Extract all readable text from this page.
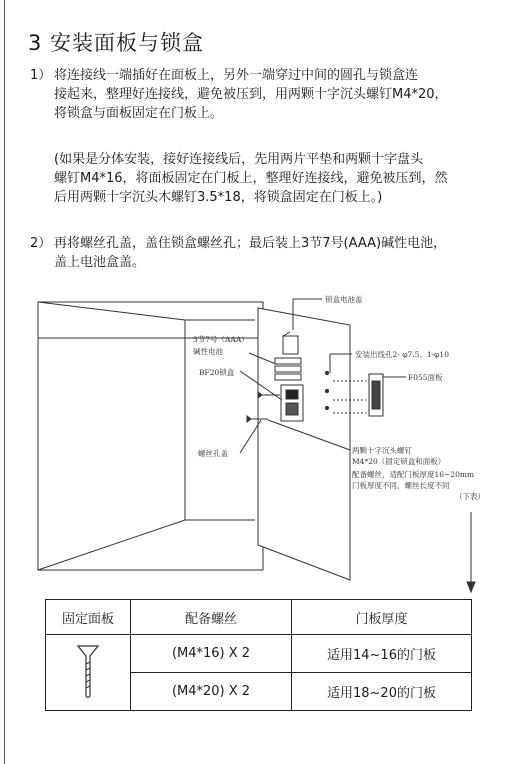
3 安装面板与锁盒

1） 将连接线一端插好在面板上，另外一端穿过中间的圆孔与锁盒连
接起来，整理好连接线，避免被压到，用两颗十字沉头螺钉M4*20，
将锁盒与面板固定在门板上。

(如果是分体安装，接好连接线后，先用两片平垫和两颗十字盘头
螺钉M4*16，将面板固定在门板上，整理好连接线，避免被压到，然
后用两颗十字沉头木螺钉3.5*18，将锁盒固定在门板上。)

2） 再将螺丝孔盖，盖住锁盒螺丝孔；最后装上3节7号(AAA)碱性电池，
盖上电池盒盖。

锁盒电池盖
3节7号（AAA）
碱性电池
BF20锁盒
螺丝孔盖
安装出线孔2- φ7.5、1-φ10
F055面板
两颗十字沉头螺钉
M4*20（固定锁盒和面板）
配备螺丝，适配门板厚度16~20mm
门板厚度不同，螺丝长度不同
（下表）
固定面板	配备螺丝	门板厚度
	(M4*16) X 2	适用14~16的门板
	(M4*20) X 2	适用18~20的门板
